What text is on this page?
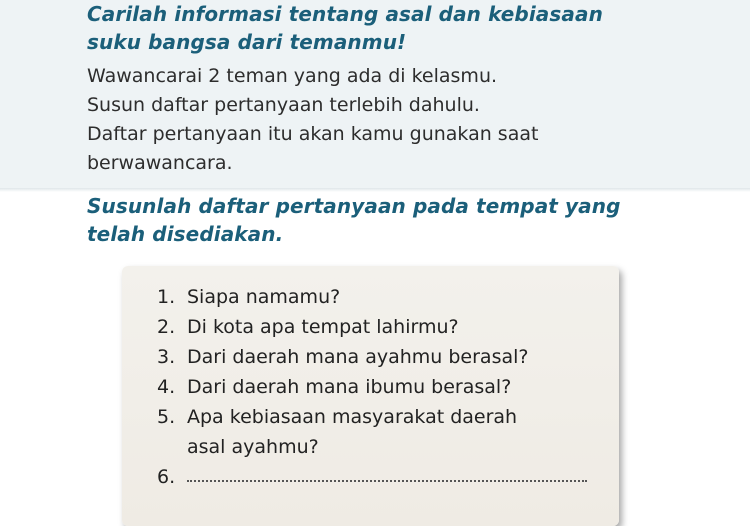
Carilah informasi tentang asal dan kebiasaan
suku bangsa dari temanmu!

Wawancarai 2 teman yang ada di kelasmu.
Susun daftar pertanyaan terlebih dahulu.
Daftar pertanyaan itu akan kamu gunakan saat
berwawancara.

Susunlah daftar pertanyaan pada tempat yang
telah disediakan.
1. Siapa namamu?
2. Di kota apa tempat lahirmu?
3. Dari daerah mana ayahmu berasal?
4. Dari daerah mana ibumu berasal?
5. Apa kebiasaan masyarakat daerah
asal ayahmu?
6.
